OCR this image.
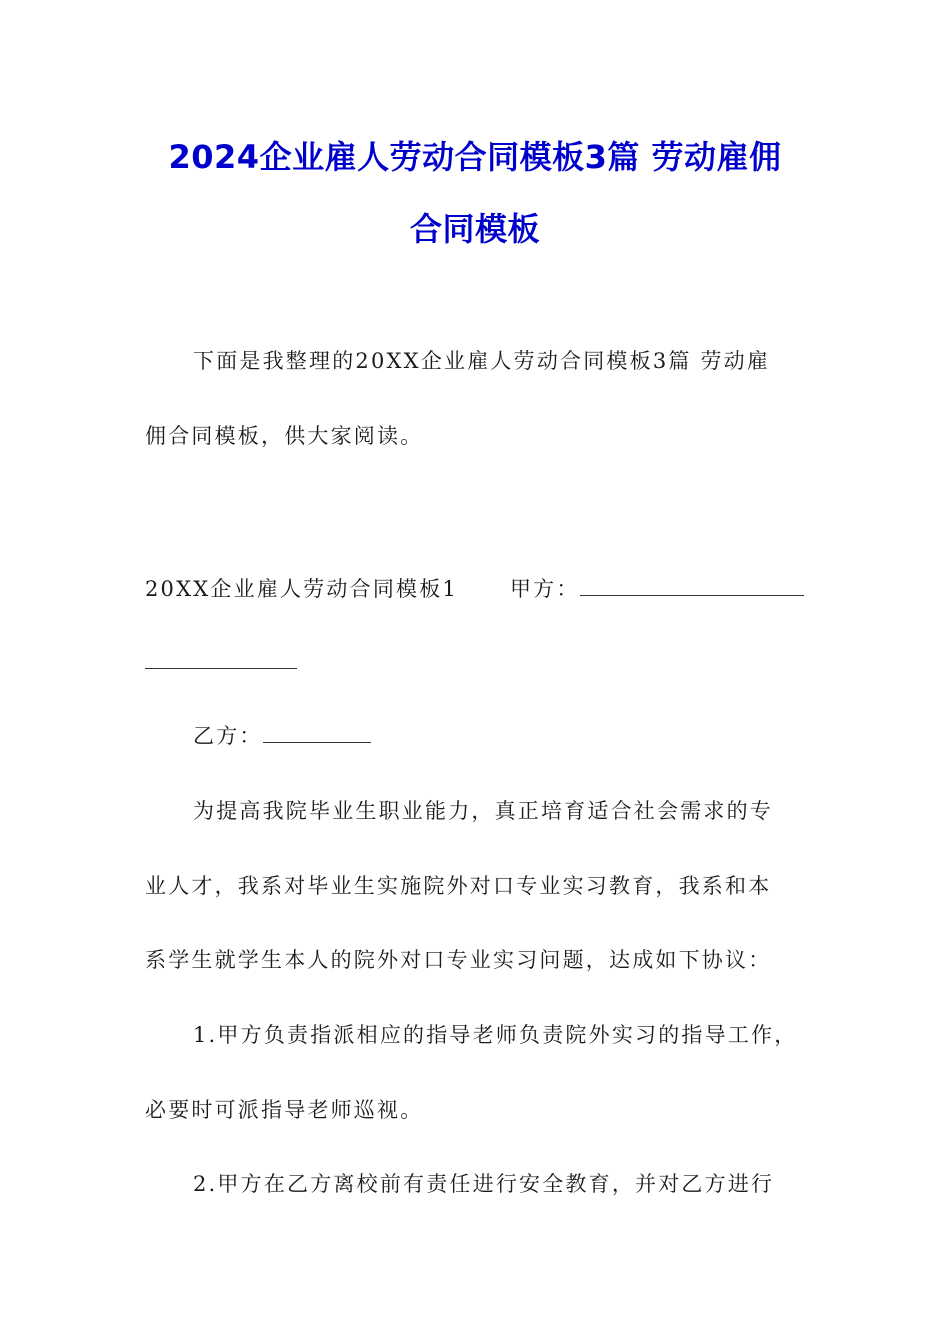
2024企业雇人劳动合同模板3篇 劳动雇佣
合同模板

下面是我整理的20XX企业雇人劳动合同模板3篇 劳动雇

佣合同模板，供大家阅读。

20XX企业雇人劳动合同模板1 甲方：

乙方：

为提高我院毕业生职业能力，真正培育适合社会需求的专

业人才，我系对毕业生实施院外对口专业实习教育，我系和本

系学生就学生本人的院外对口专业实习问题，达成如下协议：

1.甲方负责指派相应的指导老师负责院外实习的指导工作，

必要时可派指导老师巡视。

2.甲方在乙方离校前有责任进行安全教育，并对乙方进行
